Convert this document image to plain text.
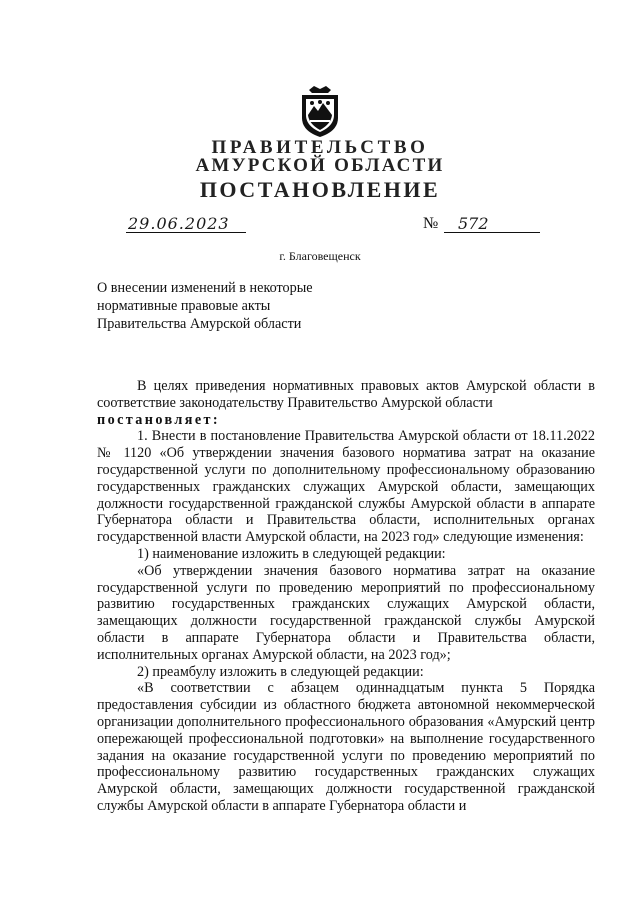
ПРАВИТЕЛЬСТВО
АМУРСКОЙ ОБЛАСТИ
ПОСТАНОВЛЕНИЕ
29.06.2023	№ 572
г. Благовещенск
О внесении изменений в некоторые нормативные правовые акты Правительства Амурской области

В целях приведения нормативных правовых актов Амурской области в соответствие законодательству Правительство Амурской области

постановляет:

1. Внести в постановление Правительства Амурской области от 18.11.2022 № 1120 «Об утверждении значения базового норматива затрат на оказание государственной услуги по дополнительному профессиональному образованию государственных гражданских служащих Амурской области, замещающих должности государственной гражданской службы Амурской области в аппарате Губернатора области и Правительства области, исполнительных органах государственной власти Амурской области, на 2023 год» следующие изменения:

1) наименование изложить в следующей редакции:

«Об утверждении значения базового норматива затрат на оказание государственной услуги по проведению мероприятий по профессиональному развитию государственных гражданских служащих Амурской области, замещающих должности государственной гражданской службы Амурской области в аппарате Губернатора области и Правительства области, исполнительных органах Амурской области, на 2023 год»;

2) преамбулу изложить в следующей редакции:

«В соответствии с абзацем одиннадцатым пункта 5 Порядка предоставления субсидии из областного бюджета автономной некоммерческой организации дополнительного профессионального образования «Амурский центр опережающей профессиональной подготовки» на выполнение государственного задания на оказание государственной услуги по проведению мероприятий по профессиональному развитию государственных гражданских служащих Амурской области, замещающих должности государственной гражданской службы Амурской области в аппарате Губернатора области и
